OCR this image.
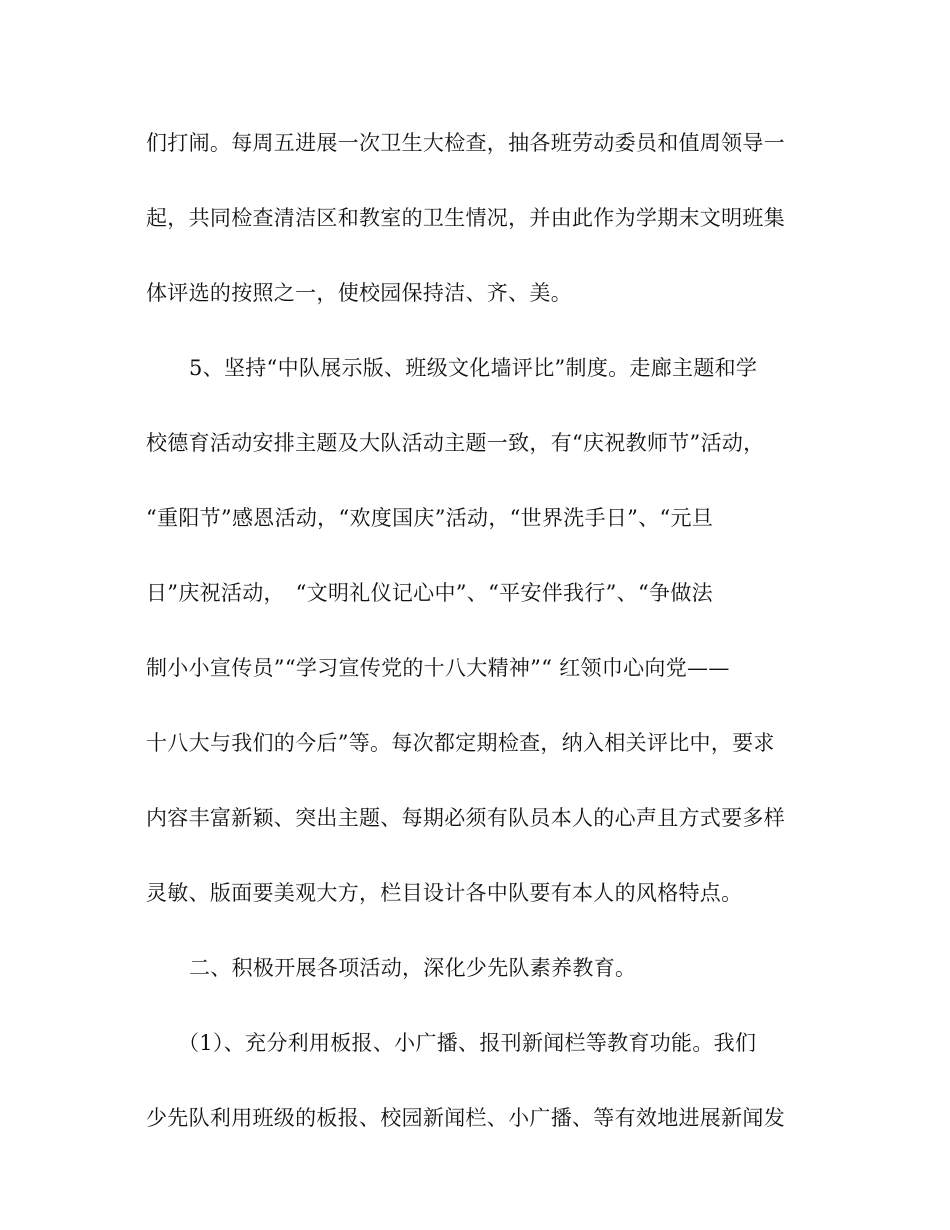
们打闹。每周五进展一次卫生大检查，抽各班劳动委员和值周领导一
起，共同检查清洁区和教室的卫生情况，并由此作为学期末文明班集
体评选的按照之一，使校园保持洁、齐、美。
5、坚持“中队展示版、班级文化墙评比”制度。走廊主题和学
校德育活动安排主题及大队活动主题一致，有“庆祝教师节”活动，
“重阳节”感恩活动，“欢度国庆”活动，“世界洗手日”、“元旦
日”庆祝活动，　“文明礼仪记心中”、“平安伴我行”、“争做法
制小小宣传员”“学习宣传党的十八大精神”“ 红领巾心向党——
十八大与我们的今后”等。每次都定期检查，纳入相关评比中，要求
内容丰富新颖、突出主题、每期必须有队员本人的心声且方式要多样
灵敏、版面要美观大方，栏目设计各中队要有本人的风格特点。
二、积极开展各项活动，深化少先队素养教育。
（1）、充分利用板报、小广播、报刊新闻栏等教育功能。我们
少先队利用班级的板报、校园新闻栏、小广播、等有效地进展新闻发
